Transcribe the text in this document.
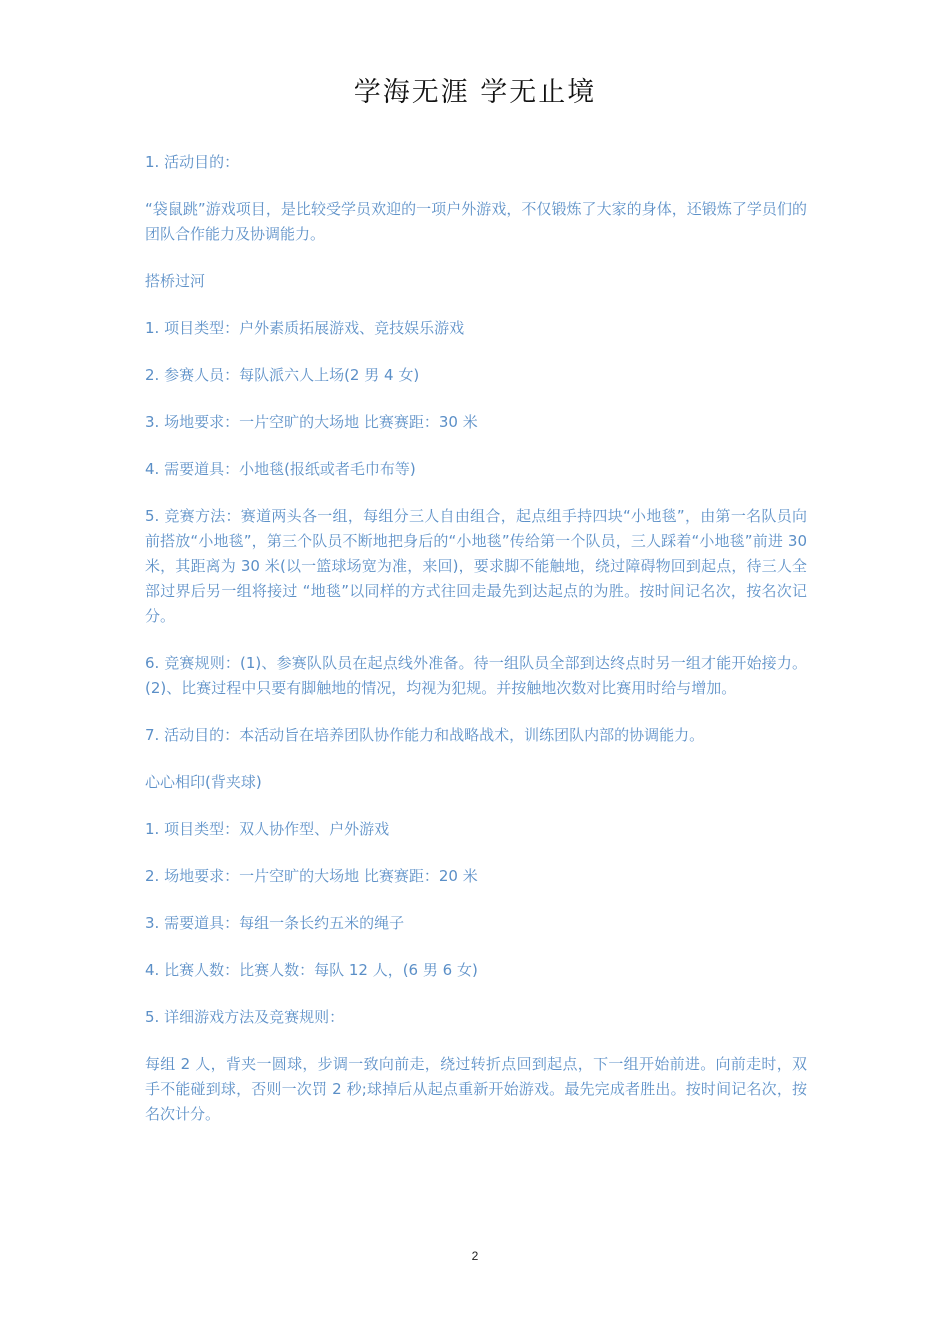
学海无涯 学无止境

1. 活动目的：

“袋鼠跳”游戏项目，是比较受学员欢迎的一项户外游戏，不仅锻炼了大家的身体，还锻炼了学员们的团队合作能力及协调能力。

搭桥过河

1. 项目类型：户外素质拓展游戏、竞技娱乐游戏

2. 参赛人员：每队派六人上场(2 男 4 女)

3. 场地要求：一片空旷的大场地 比赛赛距：30 米

4. 需要道具：小地毯(报纸或者毛巾布等)

5. 竞赛方法：赛道两头各一组，每组分三人自由组合，起点组手持四块“小地毯”，由第一名队员向前搭放“小地毯”，第三个队员不断地把身后的“小地毯”传给第一个队员，三人踩着“小地毯”前进 30 米，其距离为 30 米(以一篮球场宽为准，来回)，要求脚不能触地，绕过障碍物回到起点，待三人全部过界后另一组将接过 “地毯”以同样的方式往回走最先到达起点的为胜。按时间记名次，按名次记分。

6. 竞赛规则：(1)、参赛队队员在起点线外准备。待一组队员全部到达终点时另一组才能开始接力。(2)、比赛过程中只要有脚触地的情况，均视为犯规。并按触地次数对比赛用时给与增加。

7. 活动目的：本活动旨在培养团队协作能力和战略战术，训练团队内部的协调能力。

心心相印(背夹球)

1. 项目类型：双人协作型、户外游戏

2. 场地要求：一片空旷的大场地 比赛赛距：20 米

3. 需要道具：每组一条长约五米的绳子

4. 比赛人数：比赛人数：每队 12 人，(6 男 6 女)

5. 详细游戏方法及竞赛规则：

每组 2 人，背夹一圆球，步调一致向前走，绕过转折点回到起点，下一组开始前进。向前走时，双手不能碰到球，否则一次罚 2 秒;球掉后从起点重新开始游戏。最先完成者胜出。按时间记名次，按名次计分。

2
